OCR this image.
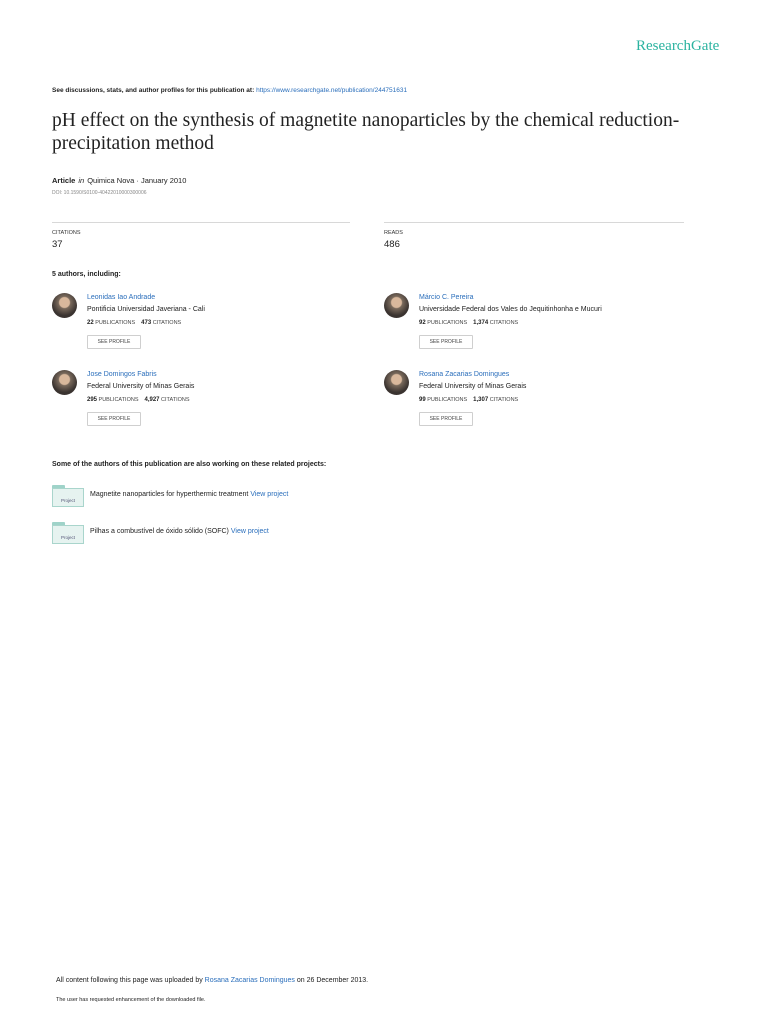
ResearchGate
See discussions, stats, and author profiles for this publication at: https://www.researchgate.net/publication/244751631
pH effect on the synthesis of magnetite nanoparticles by the chemical reduction-precipitation method
Article in Quimica Nova · January 2010
DOI: 10.1590/S0100-40422010000300006
CITATIONS
37
READS
486
5 authors, including:
Leonidas Iao Andrade
Pontificia Universidad Javeriana - Cali
22 PUBLICATIONS 473 CITATIONS
SEE PROFILE
Márcio C. Pereira
Universidade Federal dos Vales do Jequitinhonha e Mucuri
92 PUBLICATIONS 1,374 CITATIONS
SEE PROFILE
Jose Domingos Fabris
Federal University of Minas Gerais
295 PUBLICATIONS 4,927 CITATIONS
SEE PROFILE
Rosana Zacarias Domingues
Federal University of Minas Gerais
99 PUBLICATIONS 1,307 CITATIONS
SEE PROFILE
Some of the authors of this publication are also working on these related projects:
Project
Magnetite nanoparticles for hyperthermic treatment View project
Project
Pilhas a combustível de óxido sólido (SOFC) View project
All content following this page was uploaded by Rosana Zacarias Domingues on 26 December 2013.
The user has requested enhancement of the downloaded file.
